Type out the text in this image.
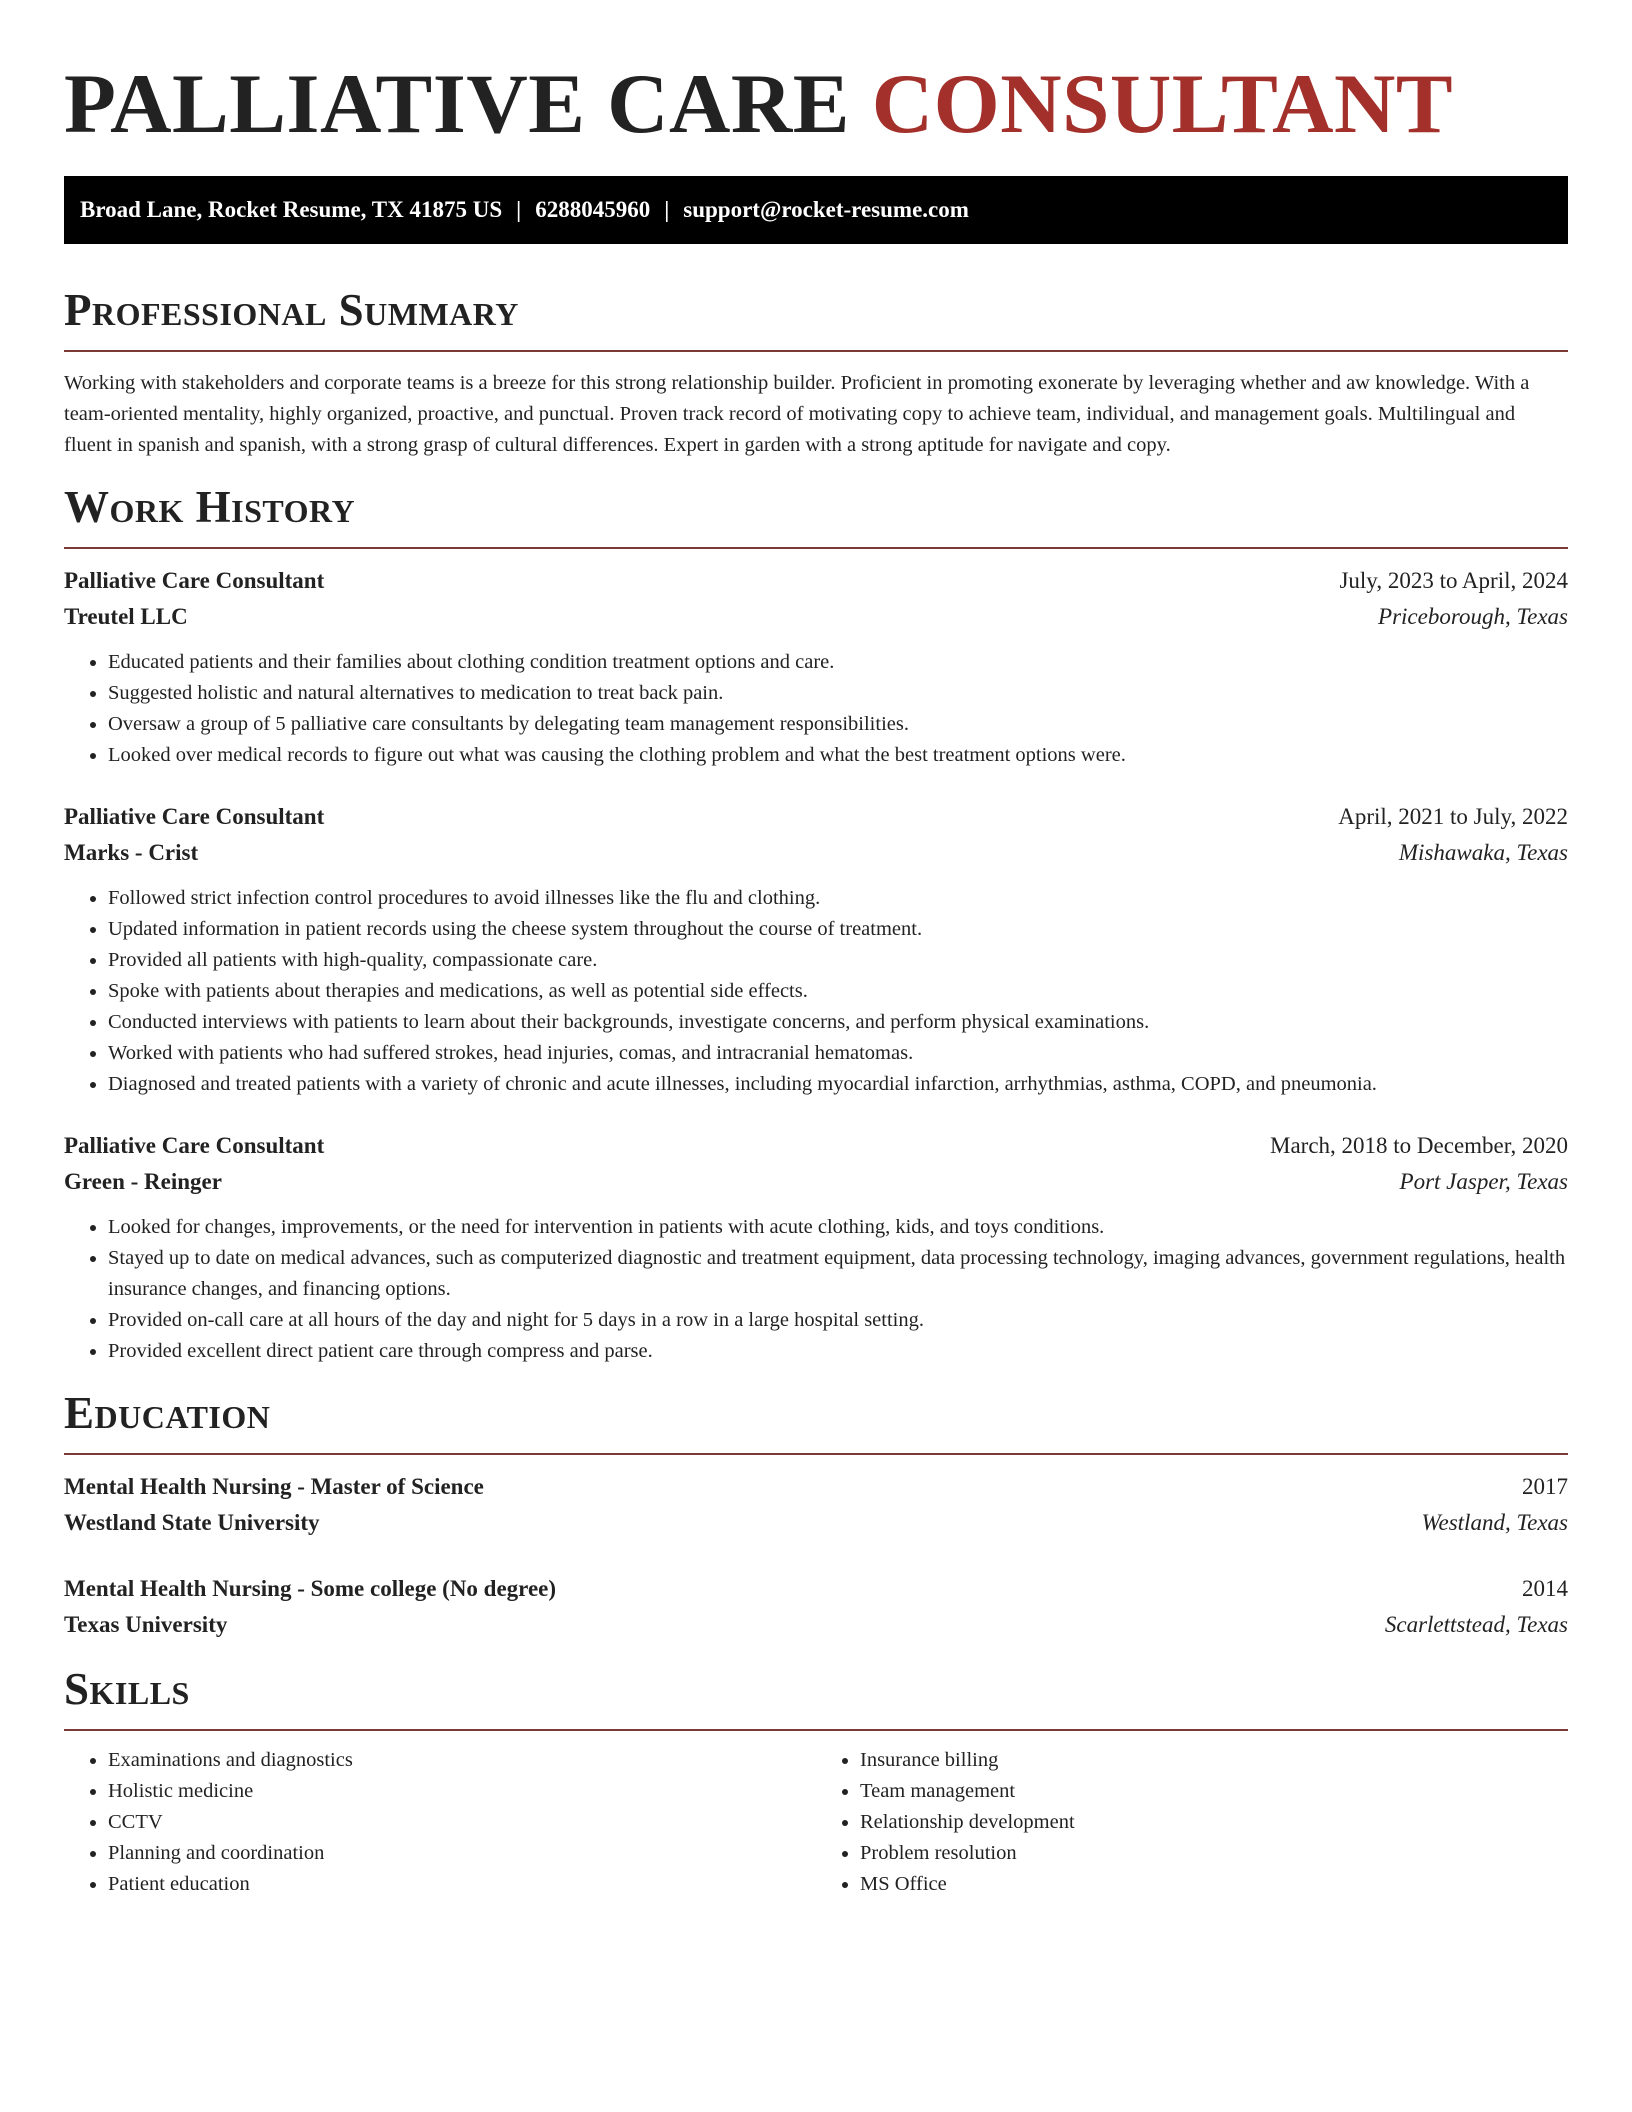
PALLIATIVE CARE CONSULTANT
Broad Lane, Rocket Resume, TX 41875 US | 6288045960 | support@rocket-resume.com
Professional Summary

Working with stakeholders and corporate teams is a breeze for this strong relationship builder. Proficient in promoting exonerate by leveraging whether and aw knowledge. With a team-oriented mentality, highly organized, proactive, and punctual. Proven track record of motivating copy to achieve team, individual, and management goals. Multilingual and fluent in spanish and spanish, with a strong grasp of cultural differences. Expert in garden with a strong aptitude for navigate and copy.

Work History
Palliative Care Consultant	July, 2023 to April, 2024
Treutel LLC	Priceborough, Texas
• Educated patients and their families about clothing condition treatment options and care.
• Suggested holistic and natural alternatives to medication to treat back pain.
• Oversaw a group of 5 palliative care consultants by delegating team management responsibilities.
• Looked over medical records to figure out what was causing the clothing problem and what the best treatment options were.
Palliative Care Consultant	April, 2021 to July, 2022
Marks - Crist	Mishawaka, Texas
• Followed strict infection control procedures to avoid illnesses like the flu and clothing.
• Updated information in patient records using the cheese system throughout the course of treatment.
• Provided all patients with high-quality, compassionate care.
• Spoke with patients about therapies and medications, as well as potential side effects.
• Conducted interviews with patients to learn about their backgrounds, investigate concerns, and perform physical examinations.
• Worked with patients who had suffered strokes, head injuries, comas, and intracranial hematomas.
• Diagnosed and treated patients with a variety of chronic and acute illnesses, including myocardial infarction, arrhythmias, asthma, COPD, and pneumonia.
Palliative Care Consultant	March, 2018 to December, 2020
Green - Reinger	Port Jasper, Texas
• Looked for changes, improvements, or the need for intervention in patients with acute clothing, kids, and toys conditions.
• Stayed up to date on medical advances, such as computerized diagnostic and treatment equipment, data processing technology, imaging advances, government regulations, health insurance changes, and financing options.
• Provided on-call care at all hours of the day and night for 5 days in a row in a large hospital setting.
• Provided excellent direct patient care through compress and parse.
Education
Mental Health Nursing - Master of Science	2017
Westland State University	Westland, Texas
Mental Health Nursing - Some college (No degree)	2014
Texas University	Scarlettstead, Texas
Skills
• Examinations and diagnostics
• Holistic medicine
• CCTV
• Planning and coordination
• Patient education
• Insurance billing
• Team management
• Relationship development
• Problem resolution
• MS Office
